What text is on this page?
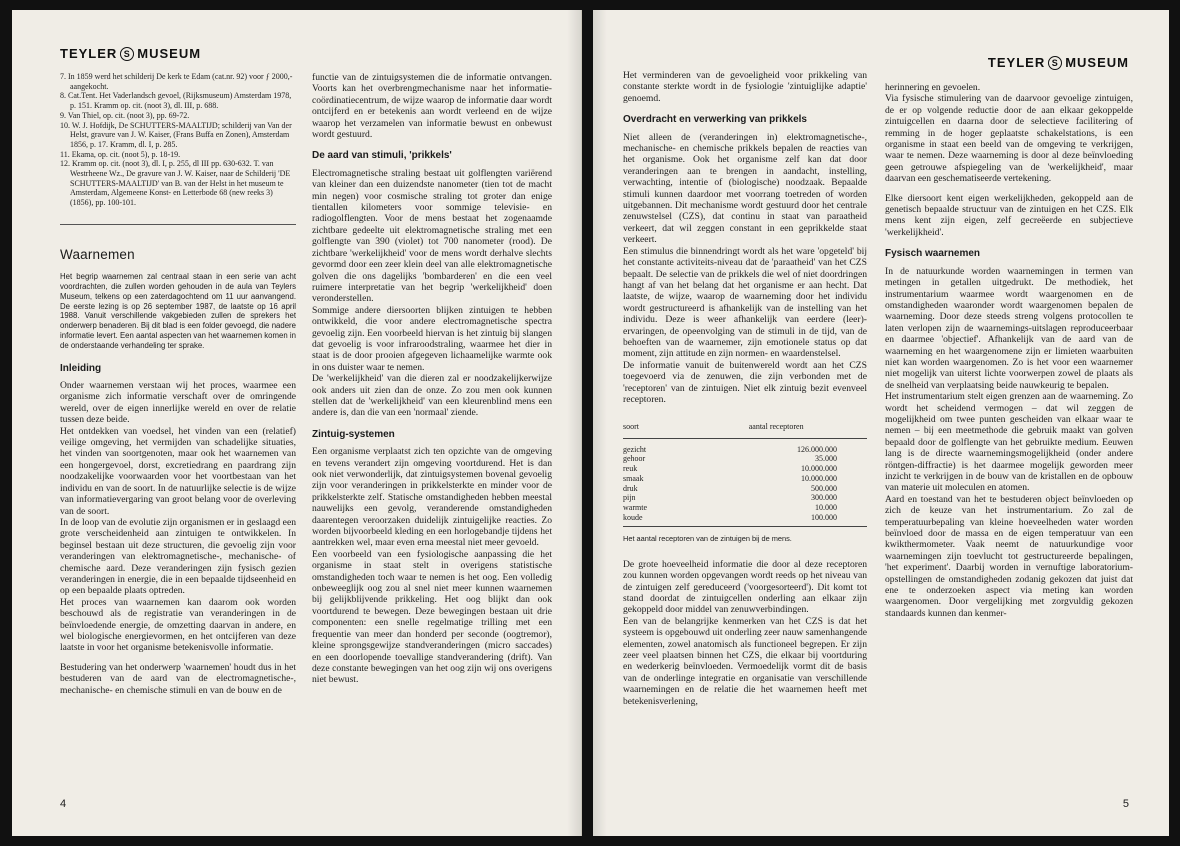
TEYLER S MUSEUM

7. In 1859 werd het schilderij De kerk te Edam (cat.nr. 92) voor ƒ 2000,- aangekocht.

8. Cat.Tent. Het Vaderlandsch gevoel, (Rijksmuseum) Amsterdam 1978, p. 151. Kramm op. cit. (noot 3), dl. III, p. 688.

9. Van Thiel, op. cit. (noot 3), pp. 69-72.

10. W. J. Hofdijk, De SCHUTTERS-MAALTIJD; schilderij van Van der Helst, gravure van J. W. Kaiser, (Frans Buffa en Zonen), Amsterdam 1856, p. 17. Kramm, dl. I, p. 285.

11. Ekama, op. cit. (noot 5), p. 18-19.

12. Kramm op. cit. (noot 3), dl. I, p. 255, dl III pp. 630-632. T. van Westrheene Wz., De gravure van J. W. Kaiser, naar de Schilderij 'DE SCHUTTERS-MAALTIJD' van B. van der Helst in het museum te Amsterdam, Algemeene Konst- en Letterbode 68 (new reeks 3) (1856), pp. 100-101.

Waarnemen

Het begrip waarnemen zal centraal staan in een serie van acht voordrachten, die zullen worden gehouden in de aula van Teylers Museum, telkens op een zaterdagochtend om 11 uur aanvangend. De eerste lezing is op 26 september 1987, de laatste op 16 april 1988. Vanuit verschillende vakgebieden zullen de sprekers het onderwerp benaderen. Bij dit blad is een folder gevoegd, die nadere informatie levert. Een aantal aspecten van het waarnemen komen in de onderstaande verhandeling ter sprake.

Inleiding

Onder waarnemen verstaan wij het proces, waarmee een organisme zich informatie verschaft over de omringende wereld, over de eigen innerlijke wereld en over de relatie tussen deze beide.

Het ontdekken van voedsel, het vinden van een (relatief) veilige omgeving, het vermijden van schadelijke situaties, het vinden van soortgenoten, maar ook het waarnemen van een hongergevoel, dorst, excretiedrang en paardrang zijn noodzakelijke voorwaarden voor het voortbestaan van het individu en van de soort. In de natuurlijke selectie is de wijze van informatievergaring van groot belang voor de overleving van de soort.

In de loop van de evolutie zijn organismen er in geslaagd een grote verscheidenheid aan zintuigen te ontwikkelen. In beginsel bestaan uit deze structuren, die gevoelig zijn voor veranderingen van elektromagnetische-, mechanische- of chemische aard. Deze veranderingen zijn fysisch gezien veranderingen in energie, die in een bepaalde tijdseenheid en op een bepaalde plaats optreden.

Het proces van waarnemen kan daarom ook worden beschouwd als de registratie van veranderingen in de beïnvloedende energie, de omzetting daarvan in andere, en wel biologische energievormen, en het ontcijferen van deze laatste in voor het organisme betekenisvolle informatie.

Bestudering van het onderwerp 'waarnemen' houdt dus in het bestuderen van de aard van de electromagnetische-, mechanische- en chemische stimuli en van de bouw en de

functie van de zintuigsystemen die de informatie ontvangen. Voorts kan het overbrengmechanisme naar het informatie-coördinatiecentrum, de wijze waarop de informatie daar wordt ontcijferd en er betekenis aan wordt verleend en de wijze waarop het verzamelen van informatie bewust en onbewust wordt gestuurd.

De aard van stimuli, 'prikkels'

Electromagnetische straling bestaat uit golflengten variërend van kleiner dan een duizendste nanometer (tien tot de macht min negen) voor cosmische straling tot groter dan enige tientallen kilometers voor sommige televisie- en radiogolflengten. Voor de mens bestaat het zogenaamde zichtbare gedeelte uit elektromagnetische straling met een golflengte van 390 (violet) tot 700 nanometer (rood). De zichtbare 'werkelijkheid' voor de mens wordt derhalve slechts gevormd door een zeer klein deel van alle elektromagnetische golven die ons dagelijks 'bombarderen' en die een veel ruimere interpretatie van het begrip 'werkelijkheid' doen veronderstellen.

Sommige andere diersoorten blijken zintuigen te hebben ontwikkeld, die voor andere electromagnetische spectra gevoelig zijn. Een voorbeeld hiervan is het zintuig bij slangen dat gevoelig is voor infraroodstraling, waarmee het dier in staat is de door prooien afgegeven lichaamelijke warmte ook in ons duister waar te nemen.

De 'werkelijkheid' van die dieren zal er noodzakelijkerwijze ook anders uit zien dan de onze. Zo zou men ook kunnen stellen dat de 'werkelijkheid' van een kleurenblind mens een andere is, dan die van een 'normaal' ziende.

Zintuig-systemen

Een organisme verplaatst zich ten opzichte van de omgeving en tevens verandert zijn omgeving voortdurend. Het is dan ook niet verwonderlijk, dat zintuigsystemen bovenal gevoelig zijn voor veranderingen in prikkelsterkte en minder voor de prikkelsterkte zelf. Statische omstandigheden hebben meestal nauwelijks een gevolg, veranderende omstandigheden daarentegen veroorzaken duidelijk zintuigelijke reacties. Zo worden bijvoorbeeld kleding en een horlogebandje tijdens het aantrekken wel, maar even erna meestal niet meer gevoeld.

Een voorbeeld van een fysiologische aanpassing die het organisme in staat stelt in overigens statistische omstandigheden toch waar te nemen is het oog. Een volledig onbeweeglijk oog zou al snel niet meer kunnen waarnemen bij gelijkblijvende prikkeling. Het oog blijkt dan ook voortdurend te bewegen. Deze bewegingen bestaan uit drie componenten: een snelle regelmatige trilling met een frequentie van meer dan honderd per seconde (oogtremor), kleine sprongsgewijze standveranderingen (micro saccades) en een doorlopende toevallige standverandering (drift). Van deze constante bewegingen van het oog zijn wij ons overigens niet bewust.

4
TEYLER S MUSEUM

Het verminderen van de gevoeligheid voor prikkeling van constante sterkte wordt in de fysiologie 'zintuiglijke adaptie' genoemd.

Overdracht en verwerking van prikkels

Niet alleen de (veranderingen in) elektromagnetische-, mechanische- en chemische prikkels bepalen de reacties van het organisme. Ook het organisme zelf kan dat door veranderingen aan te brengen in aandacht, instelling, verwachting, intentie of (biologische) noodzaak. Bepaalde stimuli kunnen daardoor met voorrang toetreden of worden uitgebannen. Dit mechanisme wordt gestuurd door het centrale zenuwstelsel (CZS), dat continu in staat van paraatheid verkeert, dat wil zeggen constant in een geprikkelde staat verkeert.

Een stimulus die binnendringt wordt als het ware 'opgeteld' bij het constante activiteits-niveau dat de 'paraatheid' van het CZS bepaalt. De selectie van de prikkels die wel of niet doordringen hangt af van het belang dat het organisme er aan hecht. Dat laatste, de wijze, waarop de waarneming door het individu wordt gestructureerd is afhankelijk van de instelling van het individu. Deze is weer afhankelijk van eerdere (leer)-ervaringen, de opeenvolging van de stimuli in de tijd, van de behoeften van de waarnemer, zijn emotionele status op dat moment, zijn attitude en zijn normen- en waardenstelsel.

De informatie vanuit de buitenwereld wordt aan het CZS toegevoerd via de zenuwen, die zijn verbonden met de 'receptoren' van de zintuigen. Niet elk zintuig bezit evenveel receptoren.

soort	aantal receptoren
gezicht	126.000.000
gehoor	35.000
reuk	10.000.000
smaak	10.000.000
druk	500.000
pijn	300.000
warmte	10.000
koude	100.000

Het aantal receptoren van de zintuigen bij de mens.

De grote hoeveelheid informatie die door al deze receptoren zou kunnen worden opgevangen wordt reeds op het niveau van de zintuigen zelf gereduceerd ('voorgesorteerd'). Dit komt tot stand doordat de zintuigcellen onderling aan elkaar zijn gekoppeld door middel van zenuwverbindingen.

Een van de belangrijke kenmerken van het CZS is dat het systeem is opgebouwd uit onderling zeer nauw samenhangende elementen, zowel anatomisch als functioneel begrepen. Er zijn zeer veel plaatsen binnen het CZS, die elkaar bij voortduring en wederkerig beïnvloeden. Vermoedelijk vormt dit de basis van de onderlinge integratie en organisatie van verschillende waarnemingen en de relatie die het waarnemen heeft met betekenisverlening,

herinnering en gevoelen.

Via fysische stimulering van de daarvoor gevoelige zintuigen, de er op volgende reductie door de aan elkaar gekoppelde zintuigcellen en daarna door de selectieve facilitering of remming in de hoger geplaatste schakelstations, is een organisme in staat een beeld van de omgeving te verkrijgen, waar te nemen. Deze waarneming is door al deze beïnvloeding geen getrouwe afspiegeling van de 'werkelijkheid', maar daarvan een geschematiseerde vertekening.

Elke diersoort kent eigen werkelijkheden, gekoppeld aan de genetisch bepaalde structuur van de zintuigen en het CZS. Elk mens kent zijn eigen, zelf gecreëerde en subjectieve 'werkelijkheid'.

Fysisch waarnemen

In de natuurkunde worden waarnemingen in termen van metingen in getallen uitgedrukt. De methodiek, het instrumentarium waarmee wordt waargenomen en de omstandigheden waaronder wordt waargenomen bepalen de waarneming. Door deze steeds streng volgens protocollen te laten verlopen zijn de waarnemings-uitslagen reproduceerbaar en daarmee 'objectief'. Afhankelijk van de aard van de waarneming en het waargenomene zijn er limieten waarbuiten niet kan worden waargenomen. Zo is het voor een waarnemer niet mogelijk van uiterst lichte voorwerpen zowel de plaats als de snelheid van verplaatsing beide nauwkeurig te bepalen.

Het instrumentarium stelt eigen grenzen aan de waarneming. Zo wordt het scheidend vermogen – dat wil zeggen de mogelijkheid om twee punten gescheiden van elkaar waar te nemen – bij een meetmethode die gebruik maakt van golven bepaald door de golflengte van het gebruikte medium. Eeuwen lang is de directe waarnemingsmogelijkheid (onder andere röntgen-diffractie) is het daarmee mogelijk geworden meer inzicht te verkrijgen in de bouw van de kristallen en de opbouw van materie uit moleculen en atomen.

Aard en toestand van het te bestuderen object beïnvloeden op zich de keuze van het instrumentarium. Zo zal de temperatuurbepaling van kleine hoeveelheden water worden beïnvloed door de massa en de eigen temperatuur van een kwikthermometer. Vaak neemt de natuurkundige voor waarnemingen zijn toevlucht tot gestructureerde bepalingen, 'het experiment'. Daarbij worden in vernuftige laboratorium-opstellingen de omstandigheden zodanig gekozen dat juist dat ene te onderzoeken aspect via meting kan worden waargenomen. Door vergelijking met zorgvuldig gekozen standaards kunnen dan kenmer-

5
